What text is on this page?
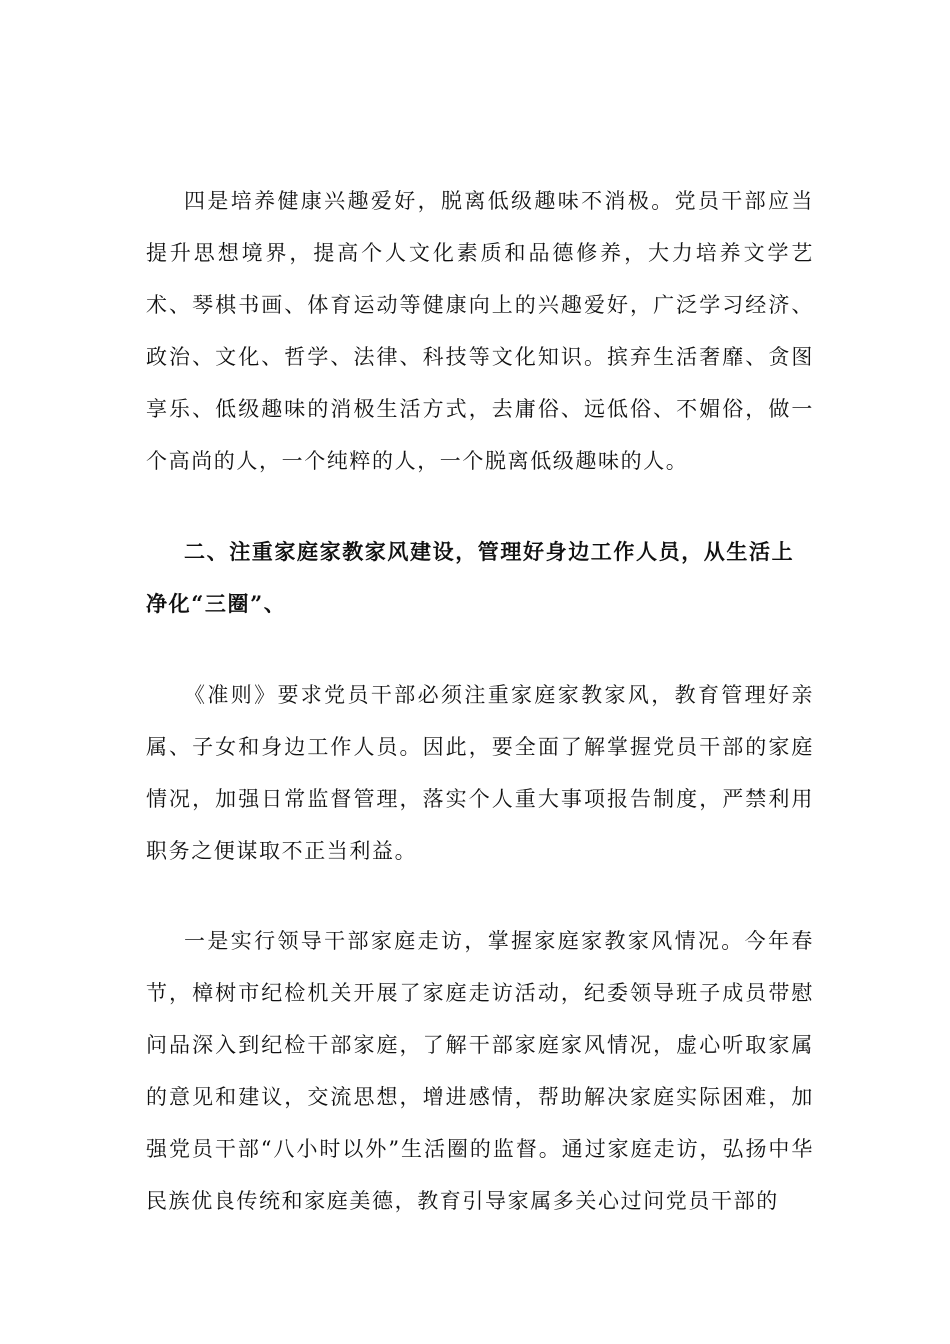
四是培养健康兴趣爱好，脱离低级趣味不消极。党员干部应当提升思想境界，提高个人文化素质和品德修养，大力培养文学艺术、琴棋书画、体育运动等健康向上的兴趣爱好，广泛学习经济、政治、文化、哲学、法律、科技等文化知识。摈弃生活奢靡、贪图享乐、低级趣味的消极生活方式，去庸俗、远低俗、不媚俗，做一个高尚的人，一个纯粹的人，一个脱离低级趣味的人。

二、注重家庭家教家风建设，管理好身边工作人员，从生活上净化“三圈”、

《准则》要求党员干部必须注重家庭家教家风，教育管理好亲属、子女和身边工作人员。因此，要全面了解掌握党员干部的家庭情况，加强日常监督管理，落实个人重大事项报告制度，严禁利用职务之便谋取不正当利益。

一是实行领导干部家庭走访，掌握家庭家教家风情况。今年春节，樟树市纪检机关开展了家庭走访活动，纪委领导班子成员带慰问品深入到纪检干部家庭，了解干部家庭家风情况，虚心听取家属的意见和建议，交流思想，增进感情，帮助解决家庭实际困难，加强党员干部“八小时以外”生活圈的监督。通过家庭走访，弘扬中华民族优良传统和家庭美德，教育引导家属多关心过问党员干部的
